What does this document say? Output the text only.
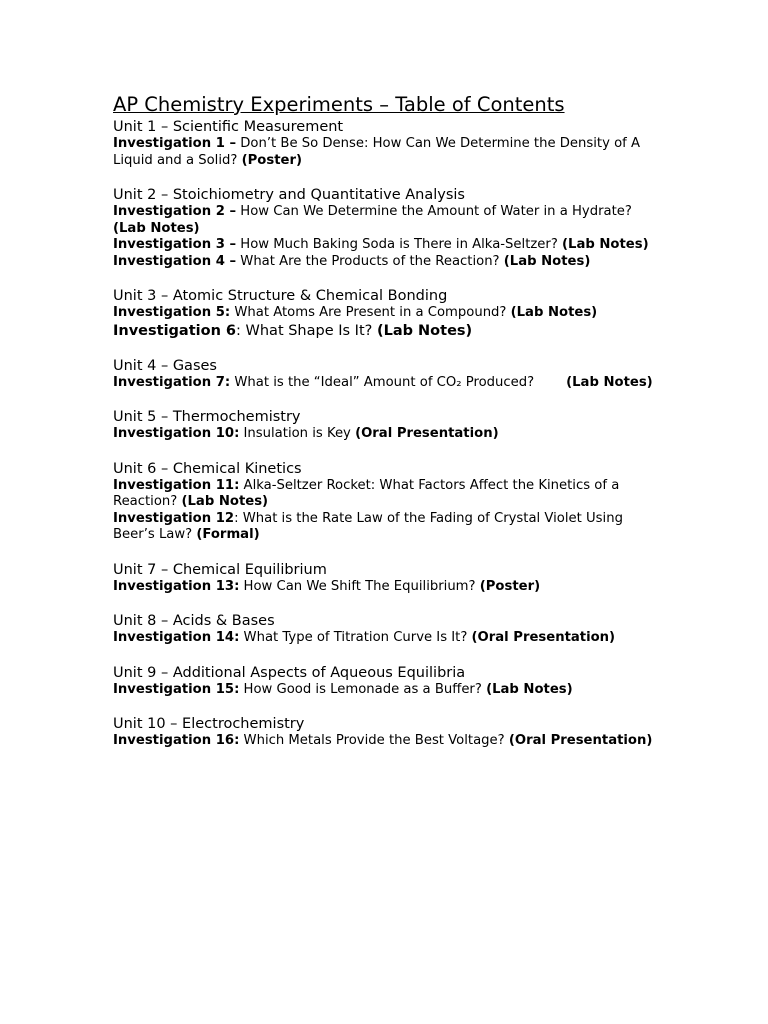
AP Chemistry Experiments – Table of Contents

Unit 1 – Scientific Measurement

Investigation 1 – Don’t Be So Dense: How Can We Determine the Density of A Liquid and a Solid? (Poster)

Unit 2 – Stoichiometry and Quantitative Analysis

Investigation 2 – How Can We Determine the Amount of Water in a Hydrate? (Lab Notes)

Investigation 3 – How Much Baking Soda is There in Alka-Seltzer? (Lab Notes)

Investigation 4 – What Are the Products of the Reaction? (Lab Notes)

Unit 3 – Atomic Structure & Chemical Bonding

Investigation 5: What Atoms Are Present in a Compound? (Lab Notes)

Investigation 6: What Shape Is It? (Lab Notes)

Unit 4 – Gases

Investigation 7: What is the “Ideal” Amount of CO₂ Produced? (Lab Notes)

Unit 5 – Thermochemistry

Investigation 10: Insulation is Key (Oral Presentation)

Unit 6 – Chemical Kinetics

Investigation 11: Alka-Seltzer Rocket: What Factors Affect the Kinetics of a Reaction? (Lab Notes)

Investigation 12: What is the Rate Law of the Fading of Crystal Violet Using Beer’s Law? (Formal)

Unit 7 – Chemical Equilibrium

Investigation 13: How Can We Shift The Equilibrium? (Poster)

Unit 8 – Acids & Bases

Investigation 14: What Type of Titration Curve Is It? (Oral Presentation)

Unit 9 – Additional Aspects of Aqueous Equilibria

Investigation 15: How Good is Lemonade as a Buffer? (Lab Notes)

Unit 10 – Electrochemistry

Investigation 16: Which Metals Provide the Best Voltage? (Oral Presentation)
